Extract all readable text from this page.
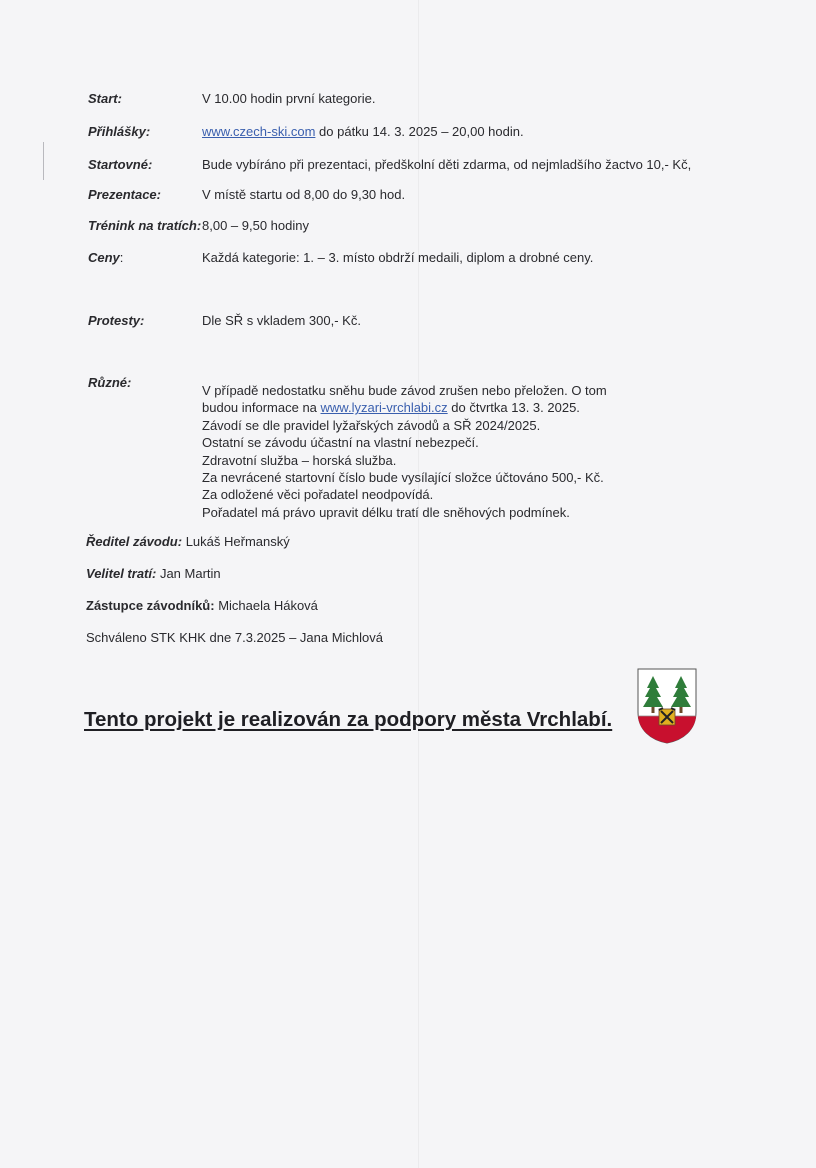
Start:	V 10.00 hodin první kategorie.
Přihlášky:	www.czech-ski.com do pátku 14. 3. 2025 – 20,00 hodin.
Startovné:	Bude vybíráno při prezentaci, předškolní děti zdarma, od nejmladšího žactvo 10,- Kč,
Prezentace:	V místě startu od 8,00 do 9,30 hod.
Trénink na tratích: 8,00 – 9,50 hodiny
Ceny:	Každá kategorie: 1. – 3. místo obdrží medaili, diplom a drobné ceny.
Protesty:	Dle SŘ s vkladem 300,- Kč.
Různé:
V případě nedostatku sněhu bude závod zrušen nebo přeložen. O tom
budou informace na www.lyzari-vrchlabi.cz do čtvrtka 13. 3. 2025.
Závodí se dle pravidel lyžařských závodů a SŘ 2024/2025.
Ostatní se závodu účastní na vlastní nebezpečí.
Zdravotní služba – horská služba.
Za nevrácené startovní číslo bude vysílající složce účtováno 500,- Kč.
Za odložené věci pořadatel neodpovídá.
Pořadatel má právo upravit délku tratí dle sněhových podmínek.
Ředitel závodu: Lukáš Heřmanský
Velitel tratí: Jan Martin
Zástupce závodníků: Michaela Háková
Schváleno STK KHK dne 7.3.2025 – Jana Michlová
Tento projekt je realizován za podpory města Vrchlabí.
